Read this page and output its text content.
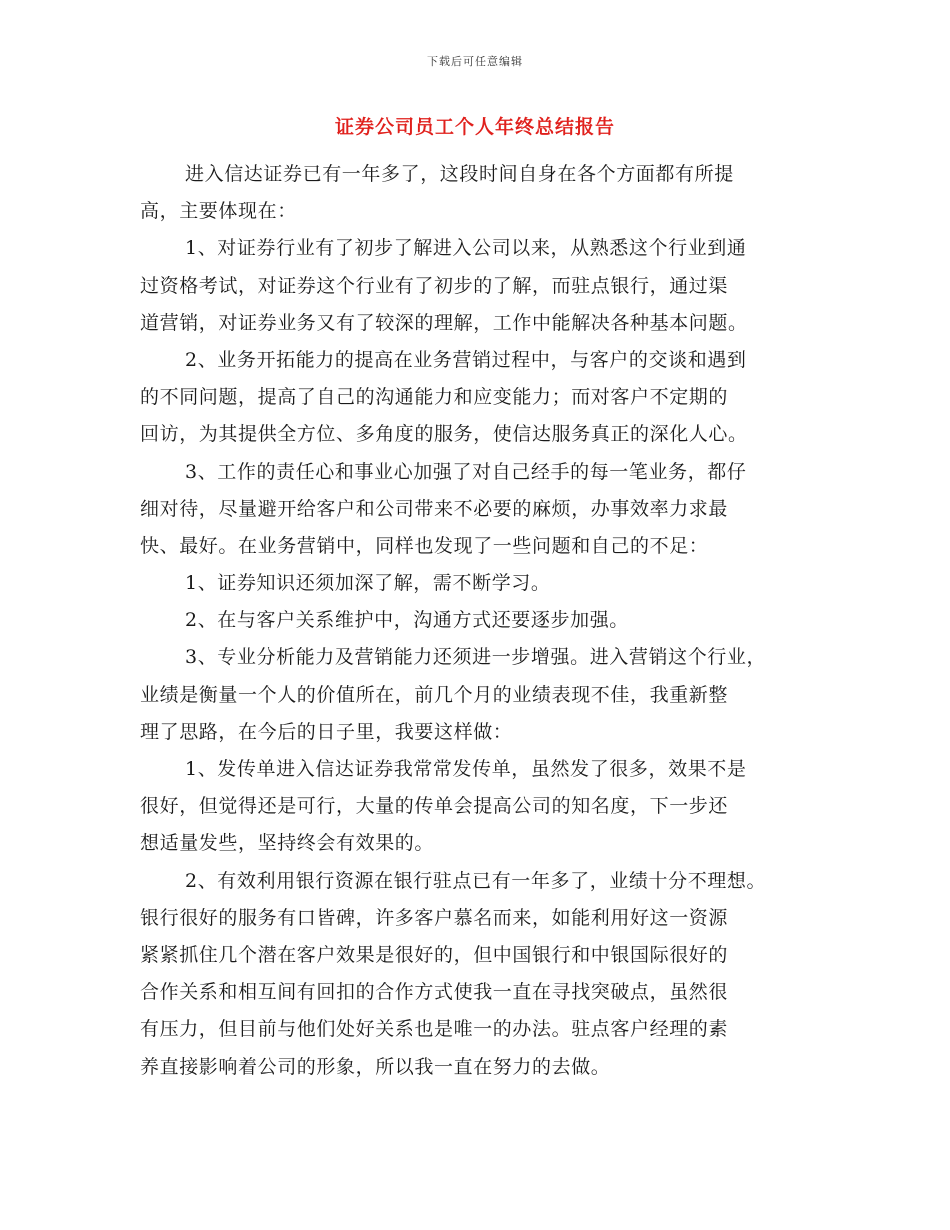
下载后可任意编辑
证券公司员工个人年终总结报告
进入信达证券已有一年多了，这段时间自身在各个方面都有所提
高，主要体现在：
1、对证券行业有了初步了解进入公司以来，从熟悉这个行业到通
过资格考试，对证券这个行业有了初步的了解，而驻点银行，通过渠
道营销，对证券业务又有了较深的理解，工作中能解决各种基本问题。
2、业务开拓能力的提高在业务营销过程中，与客户的交谈和遇到
的不同问题，提高了自己的沟通能力和应变能力；而对客户不定期的
回访，为其提供全方位、多角度的服务，使信达服务真正的深化人心。
3、工作的责任心和事业心加强了对自己经手的每一笔业务，都仔
细对待，尽量避开给客户和公司带来不必要的麻烦，办事效率力求最
快、最好。在业务营销中，同样也发现了一些问题和自己的不足：
1、证券知识还须加深了解，需不断学习。
2、在与客户关系维护中，沟通方式还要逐步加强。
3、专业分析能力及营销能力还须进一步增强。进入营销这个行业，
业绩是衡量一个人的价值所在，前几个月的业绩表现不佳，我重新整
理了思路，在今后的日子里，我要这样做：
1、发传单进入信达证券我常常发传单，虽然发了很多，效果不是
很好，但觉得还是可行，大量的传单会提高公司的知名度，下一步还
想适量发些，坚持终会有效果的。
2、有效利用银行资源在银行驻点已有一年多了，业绩十分不理想。
银行很好的服务有口皆碑，许多客户慕名而来，如能利用好这一资源
紧紧抓住几个潜在客户效果是很好的，但中国银行和中银国际很好的
合作关系和相互间有回扣的合作方式使我一直在寻找突破点，虽然很
有压力，但目前与他们处好关系也是唯一的办法。驻点客户经理的素
养直接影响着公司的形象，所以我一直在努力的去做。
